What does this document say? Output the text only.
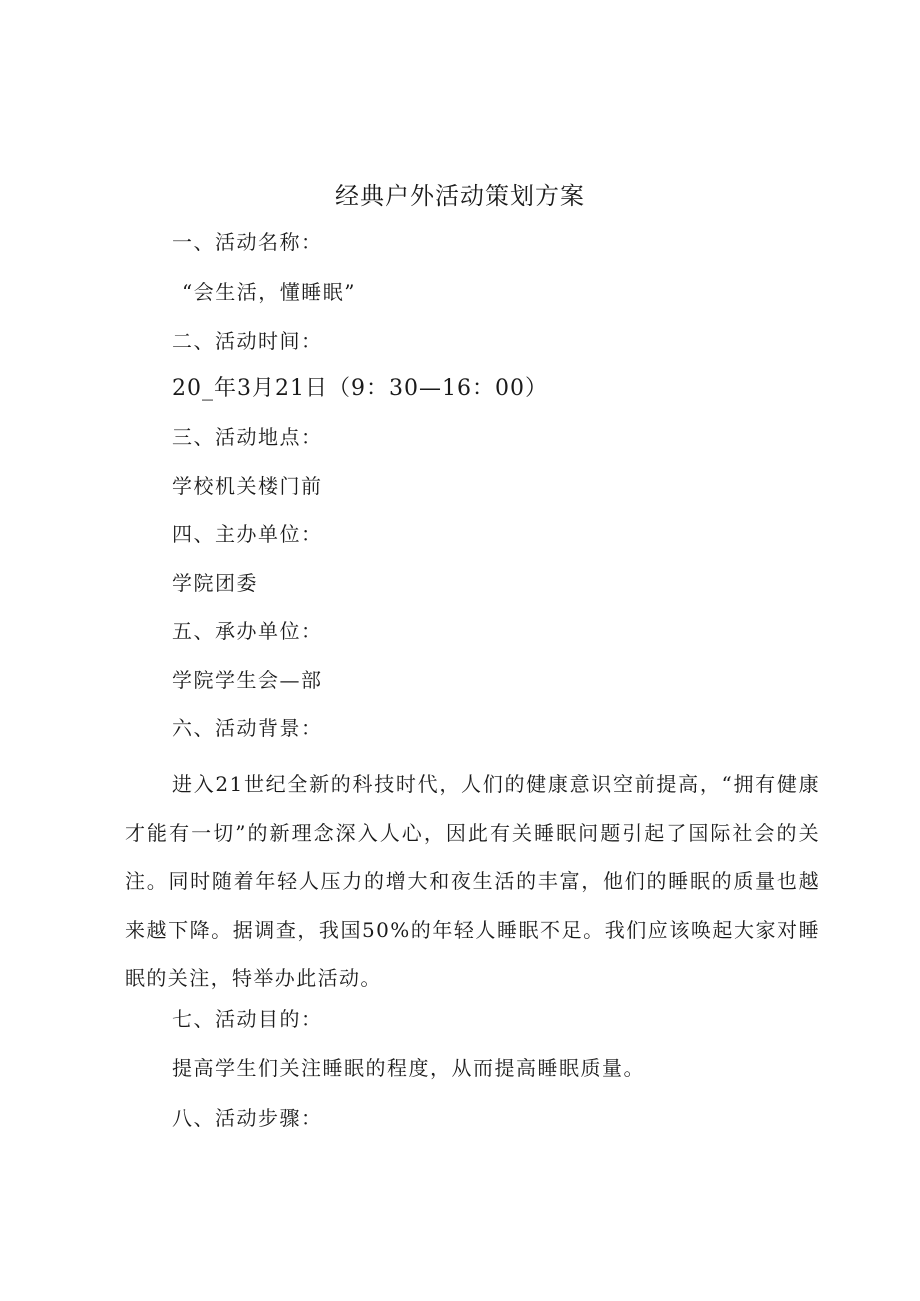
经典户外活动策划方案
一、活动名称：
“会生活，懂睡眠”
二、活动时间：
20_年3月21日（9：30—16：00）
三、活动地点：
学校机关楼门前
四、主办单位：
学院团委
五、承办单位：
学院学生会—部
六、活动背景：
进入21世纪全新的科技时代，人们的健康意识空前提高，“拥有健康才能有一切”的新理念深入人心，因此有关睡眠问题引起了国际社会的关注。同时随着年轻人压力的增大和夜生活的丰富，他们的睡眠的质量也越来越下降。据调查，我国50%的年轻人睡眠不足。我们应该唤起大家对睡眠的关注，特举办此活动。
七、活动目的：
提高学生们关注睡眠的程度，从而提高睡眠质量。
八、活动步骤：
